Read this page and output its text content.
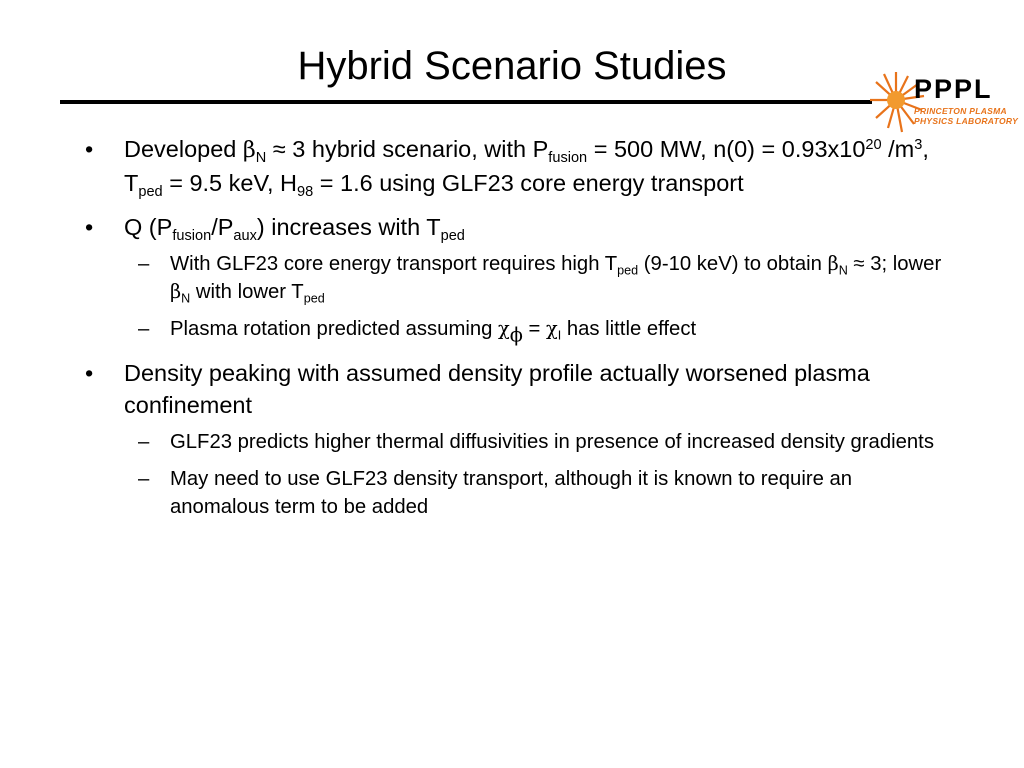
Hybrid Scenario Studies
PPPL
PRINCETON PLASMA
PHYSICS LABORATORY
• Developed $\beta_N \approx 3$ hybrid scenario, with $P_{fusion} = 500$ MW, $n(0) = 0.93x10^{20}$ $/m^3$, $T_{ped} = 9.5$ keV, $H_{98} = 1.6$ using GLF23 core energy transport
• Q $(P_{fusion}/P_{aux})$ increases with $T_{ped}$
– With GLF23 core energy transport requires high $T_{ped}$ (9-10 keV) to obtain $\beta_N \approx 3$; lower $\beta_N$ with lower $T_{ped}$
– Plasma rotation predicted assuming $\chi_\phi = \chi_I$ has little effect
• Density peaking with assumed density profile actually worsened plasma confinement
– GLF23 predicts higher thermal diffusivities in presence of increased density gradients
– May need to use GLF23 density transport, although it is known to require an anomalous term to be added
